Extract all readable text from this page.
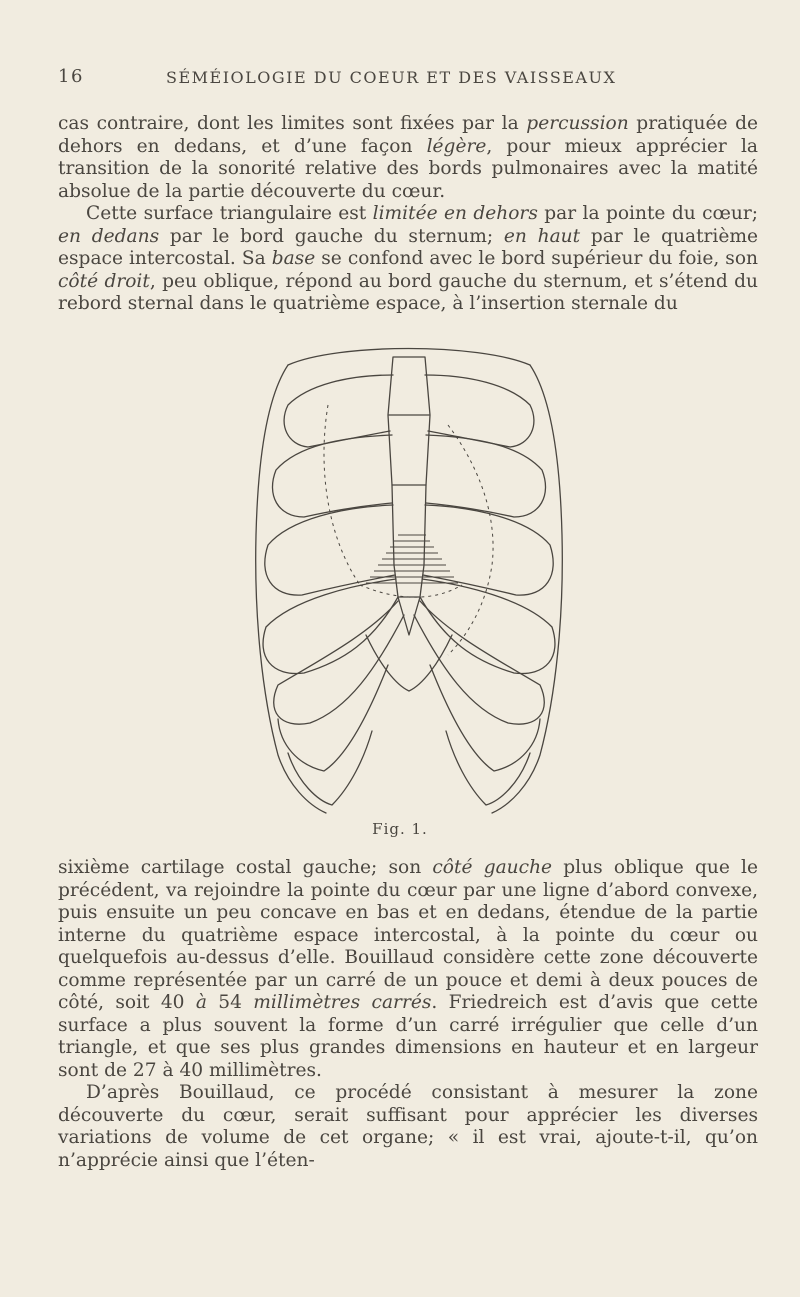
16	SÉMÉIOLOGIE DU COEUR ET DES VAISSEAUX

cas contraire, dont les limites sont fixées par la percussion pratiquée de dehors en dedans, et d’une façon légère, pour mieux apprécier la transition de la sonorité relative des bords pulmonaires avec la matité absolue de la partie découverte du cœur.

Cette surface triangulaire est limitée en dehors par la pointe du cœur; en dedans par le bord gauche du sternum; en haut par le quatrième espace intercostal. Sa base se confond avec le bord supérieur du foie, son côté droit, peu oblique, répond au bord gauche du sternum, et s’étend du rebord sternal dans le quatrième espace, à l’insertion sternale du

Fig. 1.

sixième cartilage costal gauche; son côté gauche plus oblique que le précédent, va rejoindre la pointe du cœur par une ligne d’abord convexe, puis ensuite un peu concave en bas et en dedans, étendue de la partie interne du quatrième espace intercostal, à la pointe du cœur ou quelquefois au-dessus d’elle. Bouillaud considère cette zone découverte comme représentée par un carré de un pouce et demi à deux pouces de côté, soit 40 à 54 millimètres carrés. Friedreich est d’avis que cette surface a plus souvent la forme d’un carré irrégulier que celle d’un triangle, et que ses plus grandes dimensions en hauteur et en largeur sont de 27 à 40 millimètres.

D’après Bouillaud, ce procédé consistant à mesurer la zone découverte du cœur, serait suffisant pour apprécier les diverses variations de volume de cet organe; « il est vrai, ajoute-t-il, qu’on n’apprécie ainsi que l’éten-
